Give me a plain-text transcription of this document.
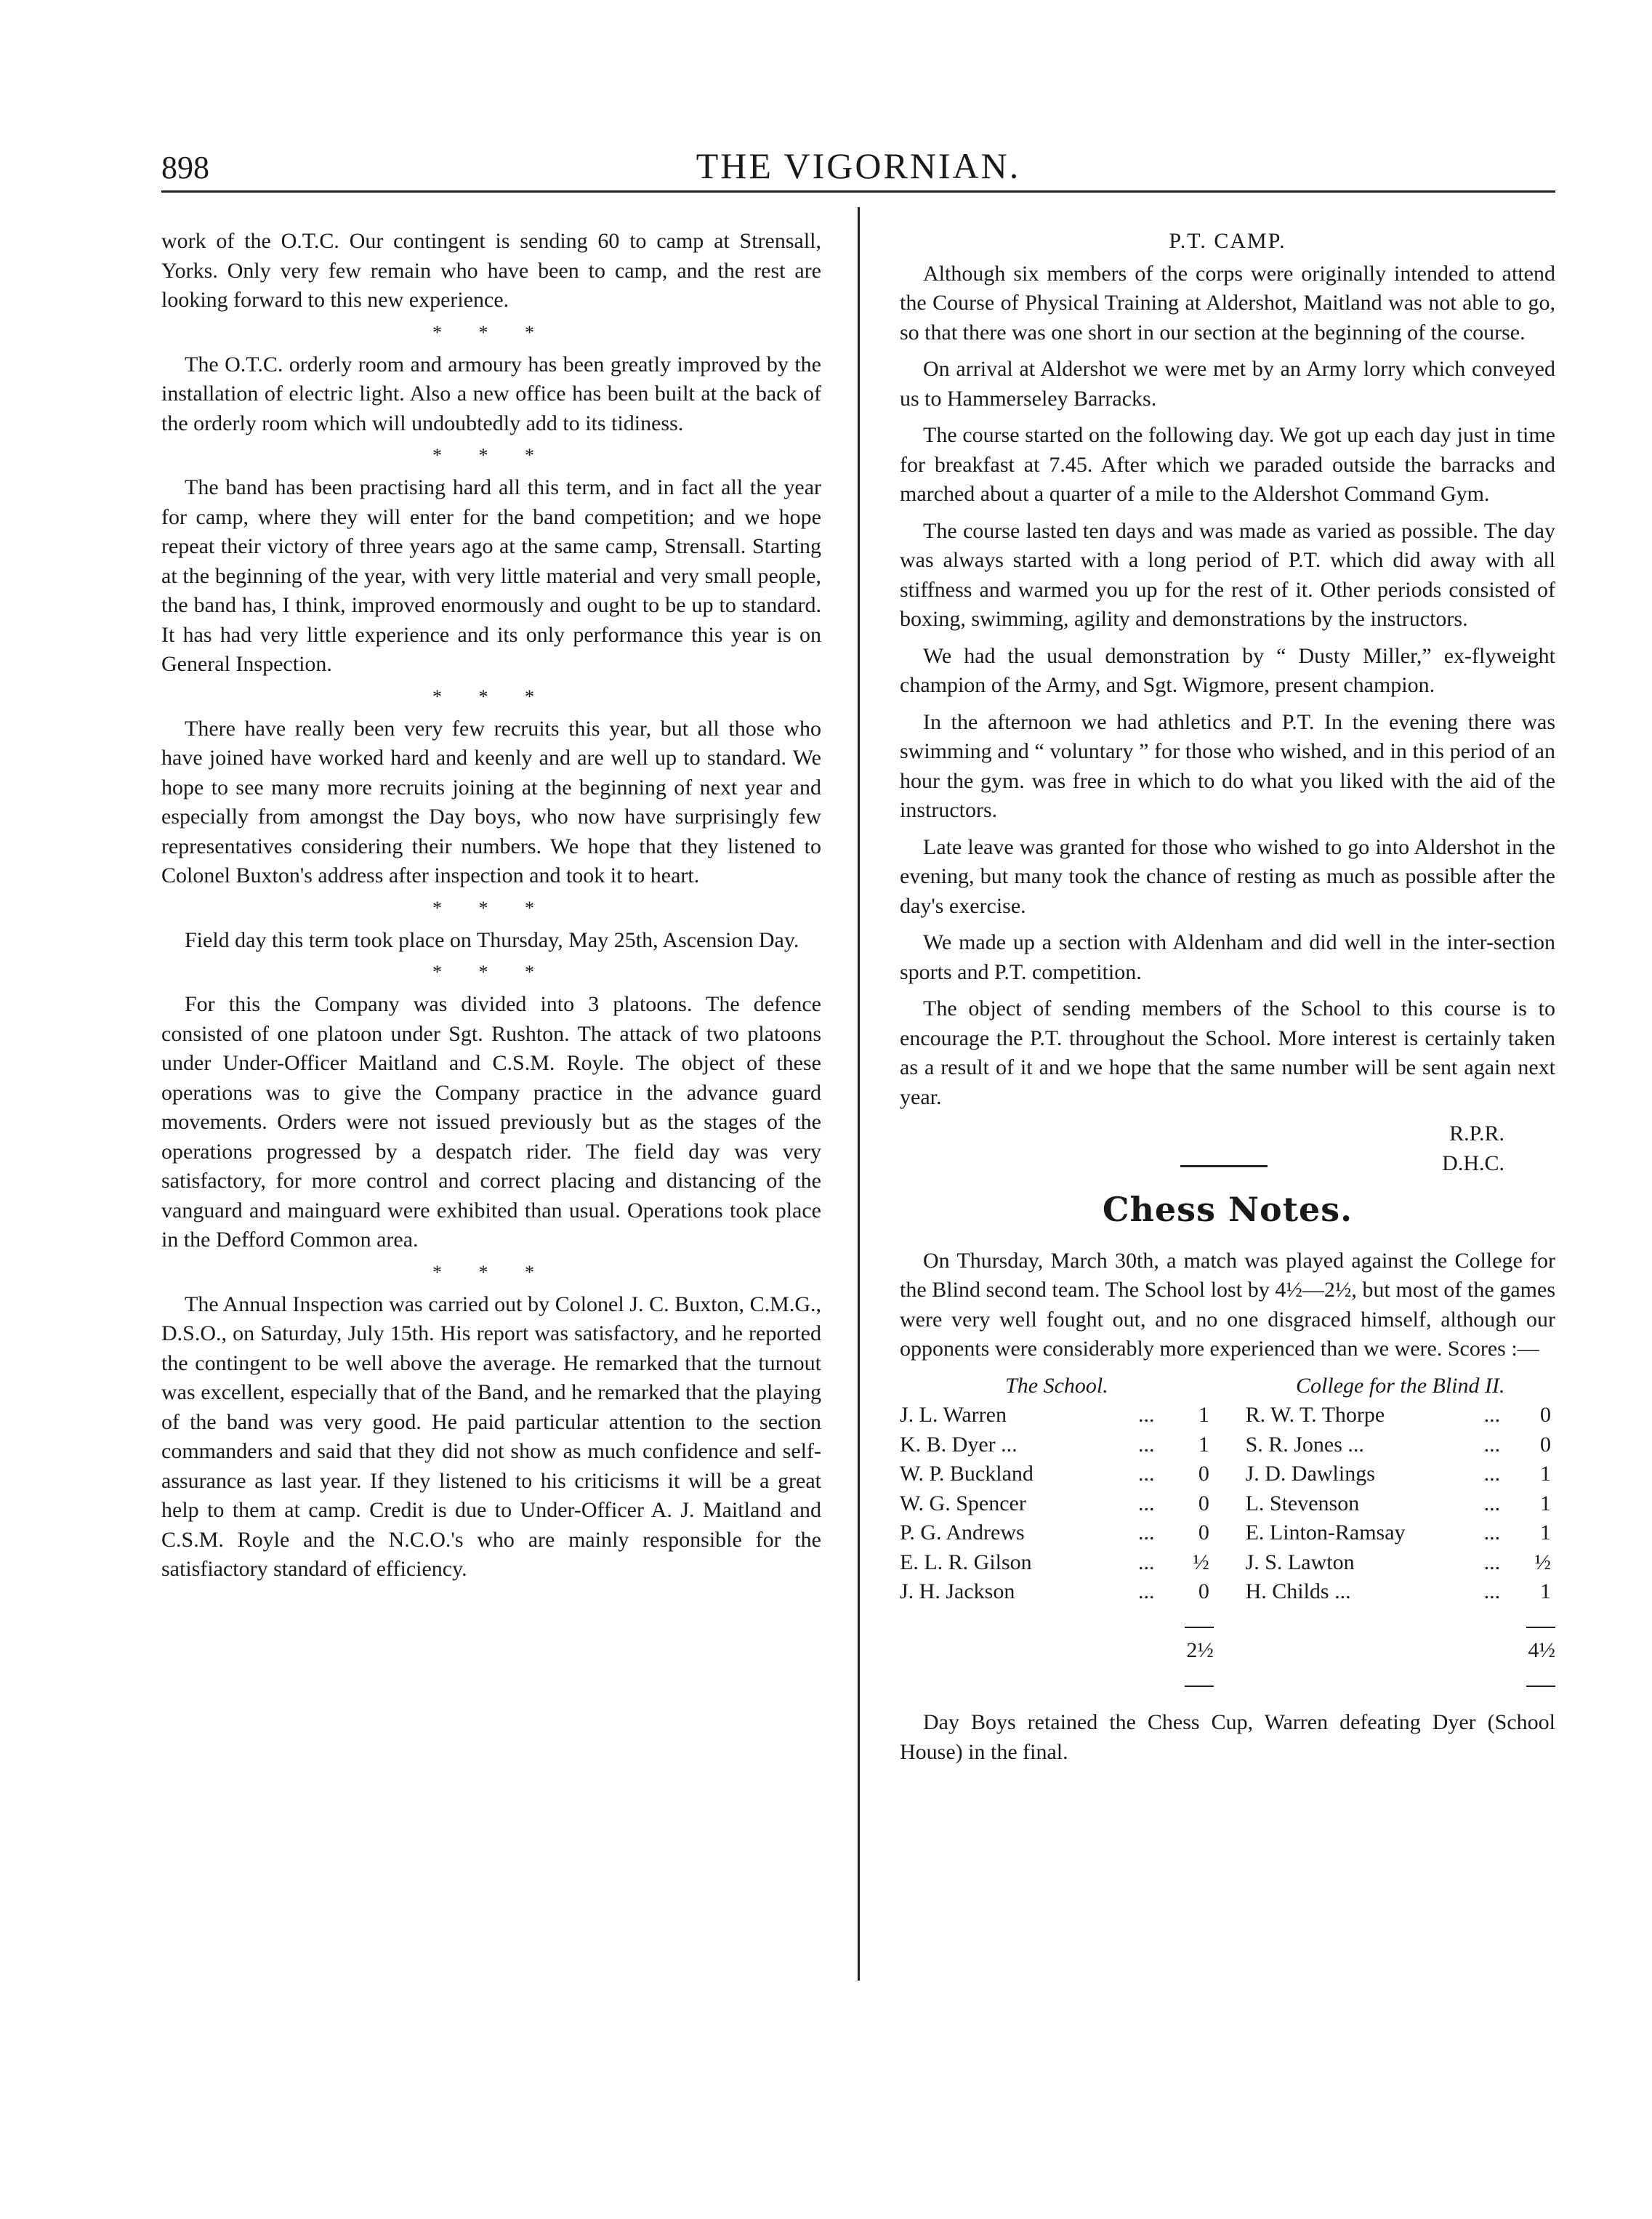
898	THE VIGORNIAN.

work of the O.T.C. Our contingent is sending 60 to camp at Strensall, Yorks. Only very few remain who have been to camp, and the rest are looking forward to this new experience.

* * *

The O.T.C. orderly room and armoury has been greatly improved by the installation of electric light. Also a new office has been built at the back of the orderly room which will undoubtedly add to its tidiness.

* * *

The band has been practising hard all this term, and in fact all the year for camp, where they will enter for the band competition; and we hope repeat their victory of three years ago at the same camp, Strensall. Starting at the beginning of the year, with very little material and very small people, the band has, I think, improved enormously and ought to be up to standard. It has had very little experience and its only performance this year is on General Inspection.

* * *

There have really been very few recruits this year, but all those who have joined have worked hard and keenly and are well up to standard. We hope to see many more recruits joining at the beginning of next year and especially from amongst the Day boys, who now have surprisingly few representatives considering their numbers. We hope that they listened to Colonel Buxton's address after inspection and took it to heart.

* * *

Field day this term took place on Thursday, May 25th, Ascension Day.

* * *

For this the Company was divided into 3 platoons. The defence consisted of one platoon under Sgt. Rushton. The attack of two platoons under Under-Officer Maitland and C.S.M. Royle. The object of these operations was to give the Company practice in the advance guard movements. Orders were not issued previously but as the stages of the operations progressed by a despatch rider. The field day was very satisfactory, for more control and correct placing and distancing of the vanguard and mainguard were exhibited than usual. Operations took place in the Defford Common area.

* * *

The Annual Inspection was carried out by Colonel J. C. Buxton, C.M.G., D.S.O., on Saturday, July 15th. His report was satisfactory, and he reported the contingent to be well above the average. He remarked that the turnout was excellent, especially that of the Band, and he remarked that the playing of the band was very good. He paid particular attention to the section commanders and said that they did not show as much confidence and self-assurance as last year. If they listened to his criticisms it will be a great help to them at camp. Credit is due to Under-Officer A. J. Maitland and C.S.M. Royle and the N.C.O.'s who are mainly responsible for the satisfiactory standard of efficiency.

P.T. CAMP.

Although six members of the corps were originally intended to attend the Course of Physical Training at Aldershot, Maitland was not able to go, so that there was one short in our section at the beginning of the course.

On arrival at Aldershot we were met by an Army lorry which conveyed us to Hammerseley Barracks.

The course started on the following day. We got up each day just in time for breakfast at 7.45. After which we paraded outside the barracks and marched about a quarter of a mile to the Aldershot Command Gym.

The course lasted ten days and was made as varied as possible. The day was always started with a long period of P.T. which did away with all stiffness and warmed you up for the rest of it. Other periods consisted of boxing, swimming, agility and demonstrations by the instructors.

We had the usual demonstration by “ Dusty Miller,” ex-flyweight champion of the Army, and Sgt. Wigmore, present champion.

In the afternoon we had athletics and P.T. In the evening there was swimming and “ voluntary ” for those who wished, and in this period of an hour the gym. was free in which to do what you liked with the aid of the instructors.

Late leave was granted for those who wished to go into Aldershot in the evening, but many took the chance of resting as much as possible after the day's exercise.

We made up a section with Aldenham and did well in the inter-section sports and P.T. competition.

The object of sending members of the School to this course is to encourage the P.T. throughout the School. More interest is certainly taken as a result of it and we hope that the same number will be sent again next year.

R.P.R.
D.H.C.
Chess Notes.

On Thursday, March 30th, a match was played against the College for the Blind second team. The School lost by 4½—2½, but most of the games were very well fought out, and no one disgraced himself, although our opponents were considerably more experienced than we were. Scores :—

The School.				College for the Blind II.		
J. L. Warren	...	1		R. W. T. Thorpe	...	0
K. B. Dyer ...	...	1		S. R. Jones ...	...	0
W. P. Buckland	...	0		J. D. Dawlings	...	1
W. G. Spencer	...	0		L. Stevenson	...	1
P. G. Andrews	...	0		E. Linton-Ramsay	...	1
E. L. R. Gilson	...	½		J. S. Lawton	...	½
J. H. Jackson	...	0		H. Childs ...	...	1

2½				4½		

Day Boys retained the Chess Cup, Warren defeating Dyer (School House) in the final.
